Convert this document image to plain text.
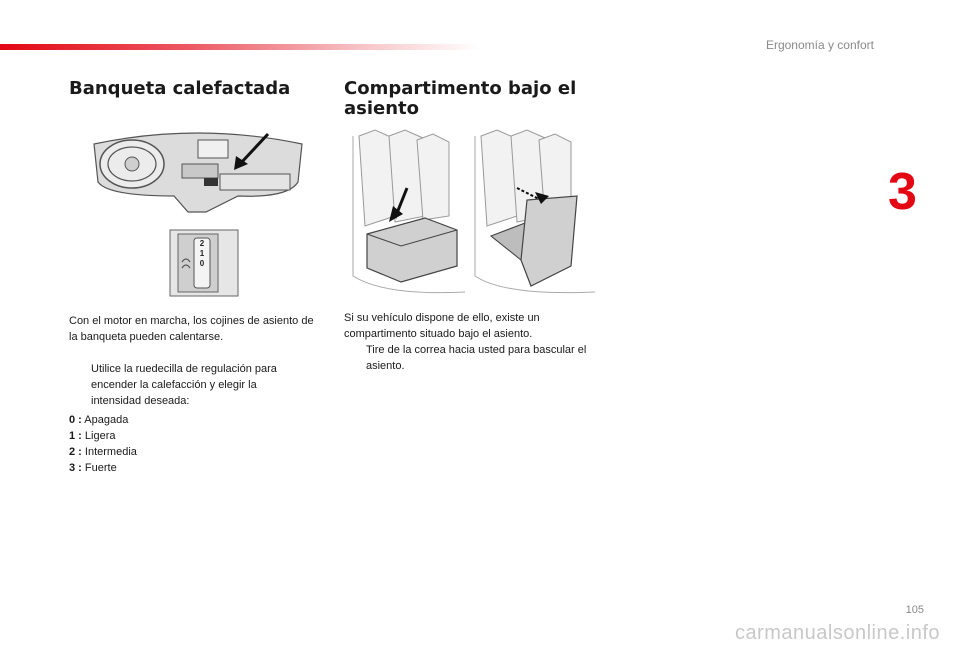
Ergonomía y confort
3
Banqueta calefactada
2
1
0
Con el motor en marcha, los cojines de asiento de la banqueta pueden calentarse.
Utilice la ruedecilla de regulación para encender la calefacción y elegir la intensidad deseada:
0 : Apagada
1 : Ligera
2 : Intermedia
3 : Fuerte
Compartimento bajo el
asiento
Si su vehículo dispone de ello, existe un compartimento situado bajo el asiento.
Tire de la correa hacia usted para bascular el asiento.
105
carmanualsonline.info
